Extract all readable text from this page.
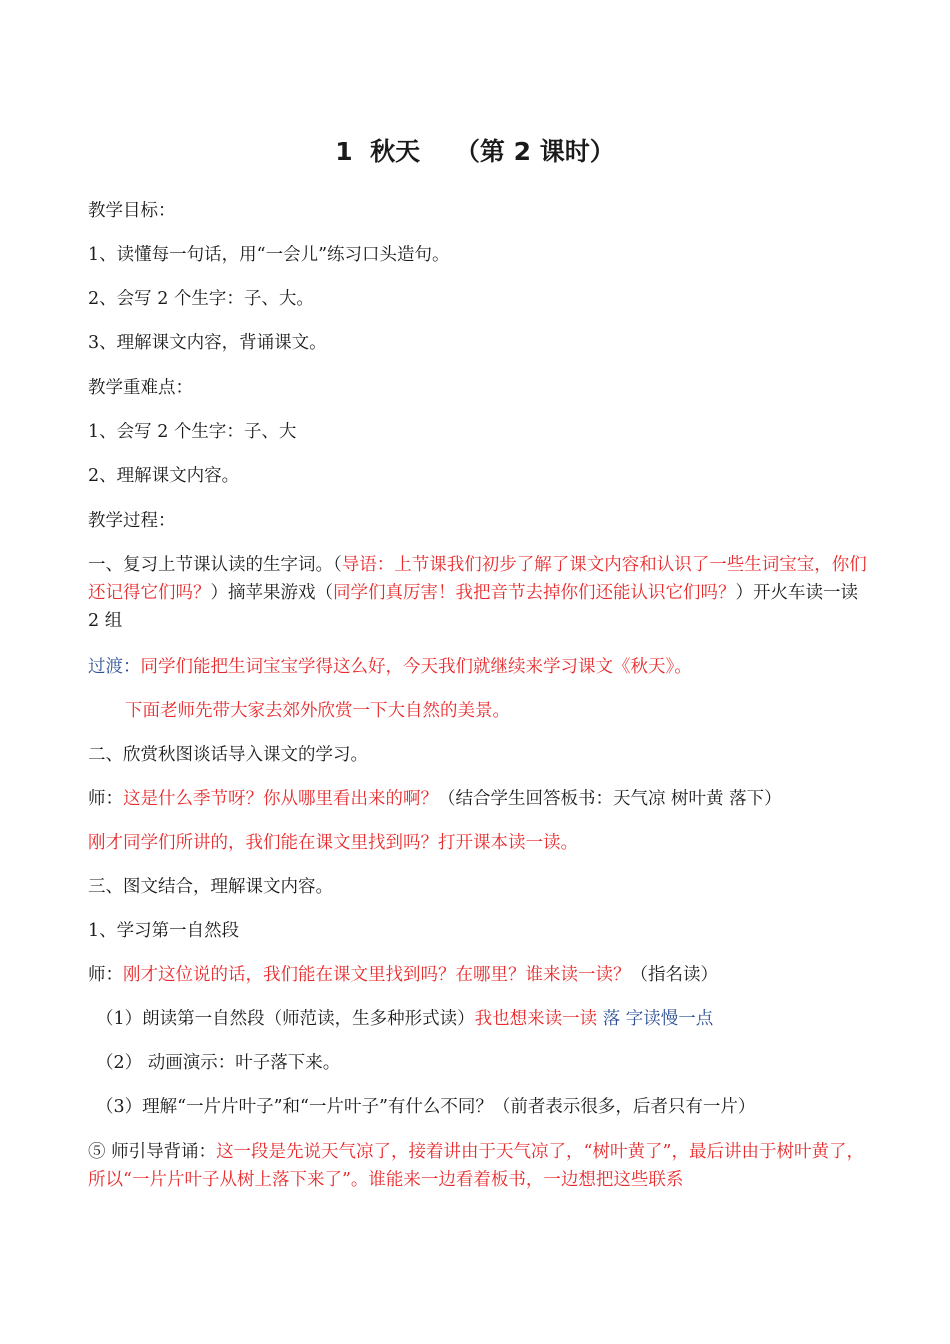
1  秋天    （第 2 课时）
教学目标：
1、读懂每一句话，用“一会儿”练习口头造句。
2、会写 2 个生字：子、大。
3、理解课文内容，背诵课文。
教学重难点：
1、会写 2 个生字：子、大
2、理解课文内容。
教学过程：
一、复习上节课认读的生字词。（导语：上节课我们初步了解了课文内容和认识了一些生词宝宝，你们还记得它们吗？）摘苹果游戏（同学们真厉害！我把音节去掉你们还能认识它们吗？）开火车读一读 2 组
过渡：同学们能把生词宝宝学得这么好，今天我们就继续来学习课文《秋天》。
下面老师先带大家去郊外欣赏一下大自然的美景。
二、欣赏秋图谈话导入课文的学习。
师：这是什么季节呀？你从哪里看出来的啊？（结合学生回答板书：天气凉 树叶黄 落下）
刚才同学们所讲的，我们能在课文里找到吗？打开课本读一读。
三、图文结合，理解课文内容。
1、学习第一自然段
师：刚才这位说的话，我们能在课文里找到吗？在哪里？谁来读一读？（指名读）
（1）朗读第一自然段（师范读，生多种形式读）我也想来读一读 落 字读慢一点
（2） 动画演示：叶子落下来。
（3）理解“一片片叶子”和“一片叶子”有什么不同？（前者表示很多，后者只有一片）
⑤ 师引导背诵：这一段是先说天气凉了，接着讲由于天气凉了，“树叶黄了”，最后讲由于树叶黄了，所以“一片片叶子从树上落下来了”。谁能来一边看着板书，一边想把这些联系
